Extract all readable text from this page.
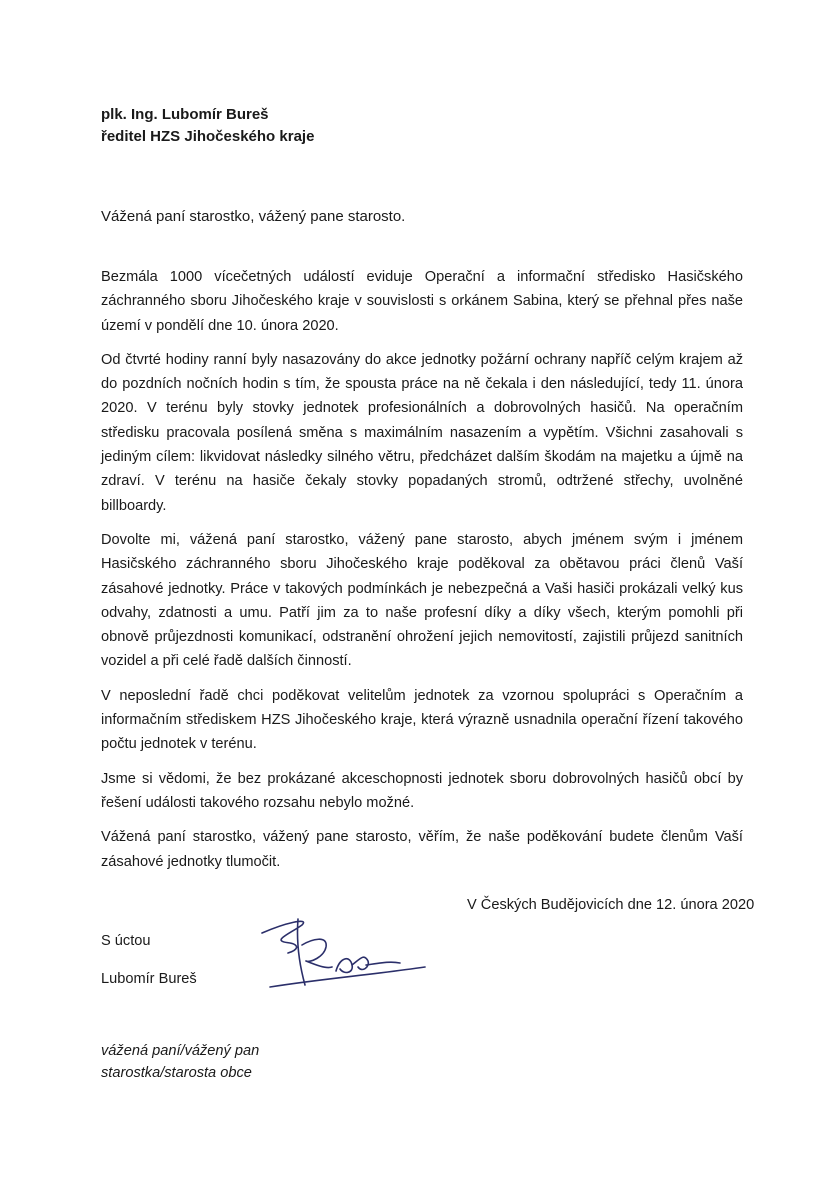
plk. Ing. Lubomír Bureš
ředitel HZS Jihočeského kraje
Vážená paní starostko, vážený pane starosto.

Bezmála 1000 vícečetných událostí eviduje Operační a informační středisko Hasičského záchranného sboru Jihočeského kraje v souvislosti s orkánem Sabina, který se přehnal přes naše území v pondělí dne 10. února 2020.

Od čtvrté hodiny ranní byly nasazovány do akce jednotky požární ochrany napříč celým krajem až do pozdních nočních hodin s tím, že spousta práce na ně čekala i den následující, tedy 11. února 2020. V terénu byly stovky jednotek profesionálních a dobrovolných hasičů. Na operačním středisku pracovala posílená směna s maximálním nasazením a vypětím. Všichni zasahovali s jediným cílem: likvidovat následky silného větru, předcházet dalším škodám na majetku a újmě na zdraví. V terénu na hasiče čekaly stovky popadaných stromů, odtržené střechy, uvolněné billboardy.

Dovolte mi, vážená paní starostko, vážený pane starosto, abych jménem svým i jménem Hasičského záchranného sboru Jihočeského kraje poděkoval za obětavou práci členů Vaší zásahové jednotky. Práce v takových podmínkách je nebezpečná a Vaši hasiči prokázali velký kus odvahy, zdatnosti a umu. Patří jim za to naše profesní díky a díky všech, kterým pomohli při obnově průjezdnosti komunikací, odstranění ohrožení jejich nemovitostí, zajistili průjezd sanitních vozidel a při celé řadě dalších činností.

V neposlední řadě chci poděkovat velitelům jednotek za vzornou spolupráci s Operačním a informačním střediskem HZS Jihočeského kraje, která výrazně usnadnila operační řízení takového počtu jednotek v terénu.

Jsme si vědomi, že bez prokázané akceschopnosti jednotek sboru dobrovolných hasičů obcí by řešení události takového rozsahu nebylo možné.

Vážená paní starostko, vážený pane starosto, věřím, že naše poděkování budete členům Vaší zásahové jednotky tlumočit.

V Českých Budějovicích dne 12. února 2020
S úctou
Lubomír Bureš
vážená paní/vážený pan
starostka/starosta obce
